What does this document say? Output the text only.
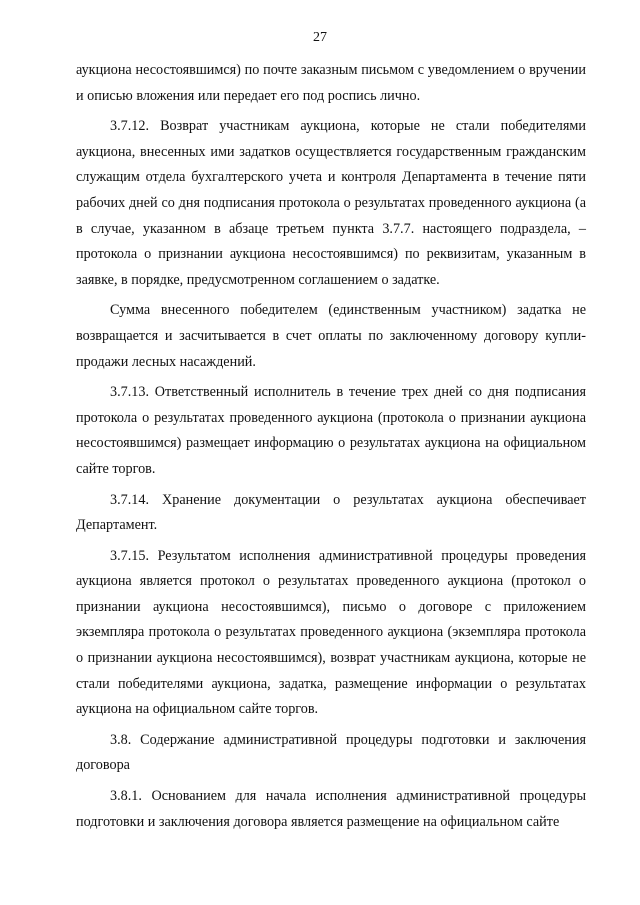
27

аукциона несостоявшимся) по почте заказным письмом с уведомлением о вручении и описью вложения или передает его под роспись лично.

3.7.12. Возврат участникам аукциона, которые не стали победителями аукциона, внесенных ими задатков осуществляется государственным гражданским служащим отдела бухгалтерского учета и контроля Департамента в течение пяти рабочих дней со дня подписания протокола о результатах проведенного аукциона (а в случае, указанном в абзаце третьем пункта 3.7.7. настоящего подраздела, – протокола о признании аукциона несостоявшимся) по реквизитам, указанным в заявке, в порядке, предусмотренном соглашением о задатке.

Сумма внесенного победителем (единственным участником) задатка не возвращается и засчитывается в счет оплаты по заключенному договору купли-продажи лесных насаждений.

3.7.13. Ответственный исполнитель в течение трех дней со дня подписания протокола о результатах проведенного аукциона (протокола о признании аукциона несостоявшимся) размещает информацию о результатах аукциона на официальном сайте торгов.

3.7.14. Хранение документации о результатах аукциона обеспечивает Департамент.

3.7.15. Результатом исполнения административной процедуры проведения аукциона является протокол о результатах проведенного аукциона (протокол о признании аукциона несостоявшимся), письмо о договоре с приложением экземпляра протокола о результатах проведенного аукциона (экземпляра протокола о признании аукциона несостоявшимся), возврат участникам аукциона, которые не стали победителями аукциона, задатка, размещение информации о результатах аукциона на официальном сайте торгов.

3.8. Содержание административной процедуры подготовки и заключения договора

3.8.1. Основанием для начала исполнения административной процедуры подготовки и заключения договора является размещение на официальном сайте
